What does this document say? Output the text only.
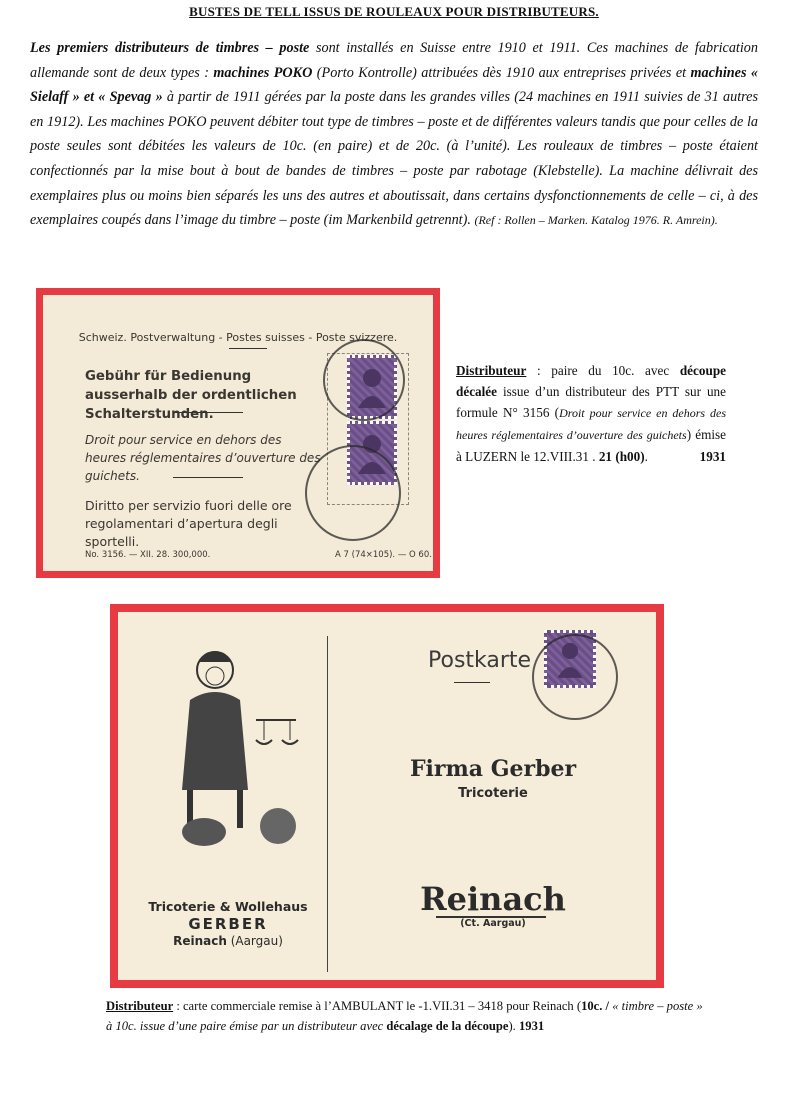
BUSTES DE TELL ISSUS DE ROULEAUX POUR DISTRIBUTEURS.
Les premiers distributeurs de timbres – poste sont installés en Suisse entre 1910 et 1911. Ces machines de fabrication allemande sont de deux types : machines POKO (Porto Kontrolle) attribuées dès 1910 aux entreprises privées et machines « Sielaff » et « Spevag » à partir de 1911 gérées par la poste dans les grandes villes (24 machines en 1911 suivies de 31 autres en 1912). Les machines POKO peuvent débiter tout type de timbres – poste et de différentes valeurs tandis que pour celles de la poste seules sont débitées les valeurs de 10c. (en paire) et de 20c. (à l’unité). Les rouleaux de timbres – poste étaient confectionnés par la mise bout à bout de bandes de timbres – poste par rabotage (Klebstelle). La machine délivrait des exemplaires plus ou moins bien séparés les uns des autres et aboutissait, dans certains dysfonctionnements de celle – ci, à des exemplaires coupés dans l’image du timbre – poste (im Markenbild getrennt). (Ref : Rollen – Marken. Katalog 1976. R. Amrein).
Schweiz. Postverwaltung - Postes suisses - Poste svizzere.
Gebühr für Bedienung ausserhalb der ordentlichen Schalterstunden.
Droit pour service en dehors des heures réglementaires d’ouverture des guichets.
Diritto per servizio fuori delle ore regolamentari d’apertura degli sportelli.
No. 3156. — XII. 28. 300,000.	A 7 (74×105). — O 60.
Distributeur : paire du 10c. avec découpe décalée issue d’un distributeur des PTT sur une formule N° 3156 (Droit pour service en dehors des heures réglementaires d’ouverture des guichets) émise à LUZERN le 12.VIII.31 . 21 (h00).	1931
Tricoterie & Wollehaus
GERBER
Reinach (Aargau)
Postkarte
Firma Gerber
Tricoterie
Reinach
(Ct. Aargau)
Distributeur : carte commerciale remise à l’AMBULANT le -1.VII.31 – 3418 pour Reinach (10c. / « timbre – poste » à 10c. issue d’une paire émise par un distributeur avec décalage de la découpe). 1931
